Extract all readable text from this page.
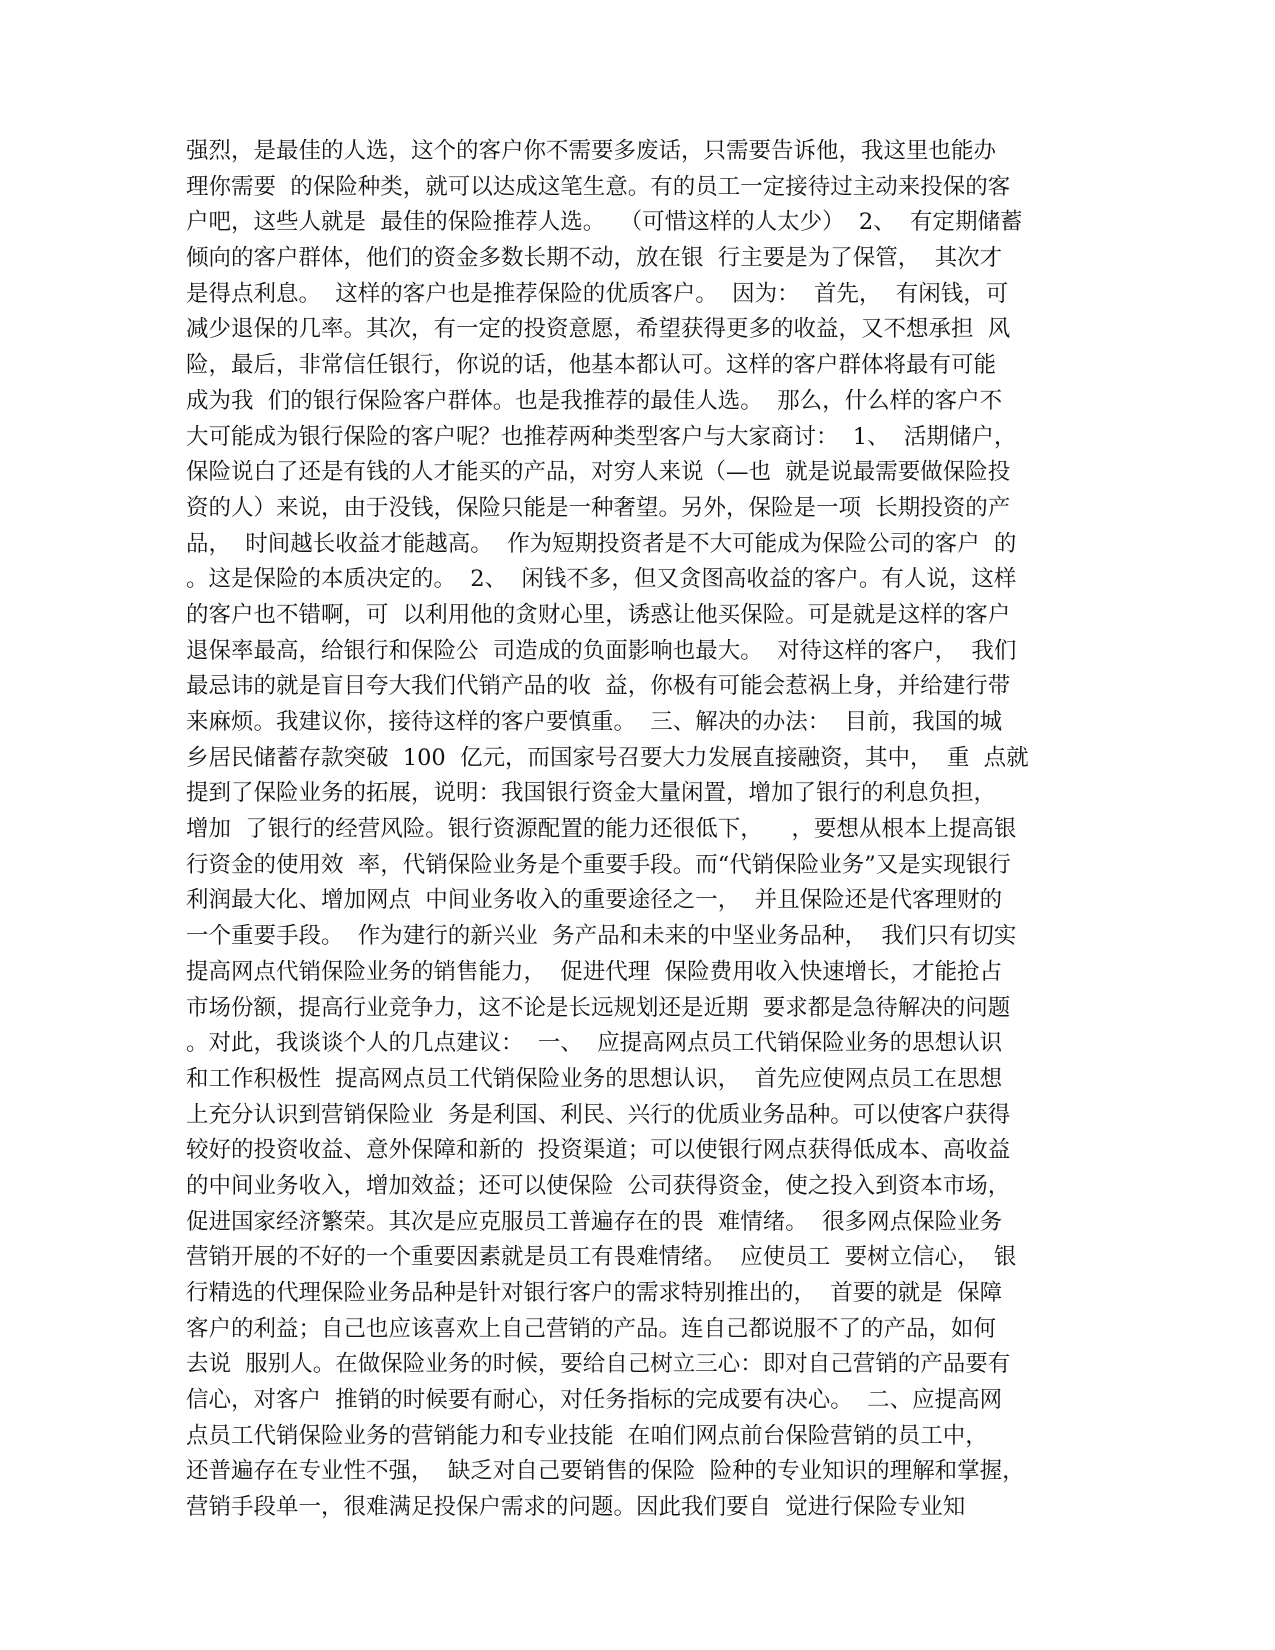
强烈，是最佳的人选，这个的客户你不需要多废话，只需要告诉他，我这里也能办
理你需要  的保险种类，就可以达成这笔生意。有的员工一定接待过主动来投保的客
户吧，这些人就是  最佳的保险推荐人选。  （可惜这样的人太少）  2、  有定期储蓄
倾向的客户群体，他们的资金多数长期不动，放在银  行主要是为了保管，  其次才
是得点利息。  这样的客户也是推荐保险的优质客户。  因为：  首先，  有闲钱，可
减少退保的几率。其次，有一定的投资意愿，希望获得更多的收益，又不想承担  风
险，最后，非常信任银行，你说的话，他基本都认可。这样的客户群体将最有可能
成为我  们的银行保险客户群体。也是我推荐的最佳人选。  那么，什么样的客户不
大可能成为银行保险的客户呢？也推荐两种类型客户与大家商讨：  1、  活期储户，
保险说白了还是有钱的人才能买的产品，对穷人来说（—也  就是说最需要做保险投
资的人）来说，由于没钱，保险只能是一种奢望。另外，保险是一项  长期投资的产
品，  时间越长收益才能越高。  作为短期投资者是不大可能成为保险公司的客户  的
。这是保险的本质决定的。  2、  闲钱不多，但又贪图高收益的客户。有人说，这样
的客户也不错啊，可  以利用他的贪财心里，诱惑让他买保险。可是就是这样的客户
退保率最高，给银行和保险公  司造成的负面影响也最大。  对待这样的客户，  我们
最忌讳的就是盲目夸大我们代销产品的收  益，你极有可能会惹祸上身，并给建行带
来麻烦。我建议你，接待这样的客户要慎重。  三、解决的办法：  目前，我国的城
乡居民储蓄存款突破  100  亿元，而国家号召要大力发展直接融资，其中，  重  点就
提到了保险业务的拓展，说明：我国银行资金大量闲置，增加了银行的利息负担，
增加  了银行的经营风险。银行资源配置的能力还很低下，    ，要想从根本上提高银
行资金的使用效  率，代销保险业务是个重要手段。而“代销保险业务”又是实现银行
利润最大化、增加网点  中间业务收入的重要途径之一，  并且保险还是代客理财的
一个重要手段。  作为建行的新兴业  务产品和未来的中坚业务品种，  我们只有切实
提高网点代销保险业务的销售能力，  促进代理  保险费用收入快速增长，才能抢占
市场份额，提高行业竞争力，这不论是长远规划还是近期  要求都是急待解决的问题
。对此，我谈谈个人的几点建议：  一、  应提高网点员工代销保险业务的思想认识
和工作积极性  提高网点员工代销保险业务的思想认识，  首先应使网点员工在思想
上充分认识到营销保险业  务是利国、利民、兴行的优质业务品种。可以使客户获得
较好的投资收益、意外保障和新的  投资渠道；可以使银行网点获得低成本、高收益
的中间业务收入，增加效益；还可以使保险  公司获得资金，使之投入到资本市场，
促进国家经济繁荣。其次是应克服员工普遍存在的畏  难情绪。  很多网点保险业务
营销开展的不好的一个重要因素就是员工有畏难情绪。  应使员工  要树立信心，  银
行精选的代理保险业务品种是针对银行客户的需求特别推出的，  首要的就是  保障
客户的利益；自己也应该喜欢上自己营销的产品。连自己都说服不了的产品，如何
去说  服别人。在做保险业务的时候，要给自己树立三心：即对自己营销的产品要有
信心，对客户  推销的时候要有耐心，对任务指标的完成要有决心。  二、应提高网
点员工代销保险业务的营销能力和专业技能  在咱们网点前台保险营销的员工中，
还普遍存在专业性不强，  缺乏对自己要销售的保险  险种的专业知识的理解和掌握，
营销手段单一，很难满足投保户需求的问题。因此我们要自  觉进行保险专业知
